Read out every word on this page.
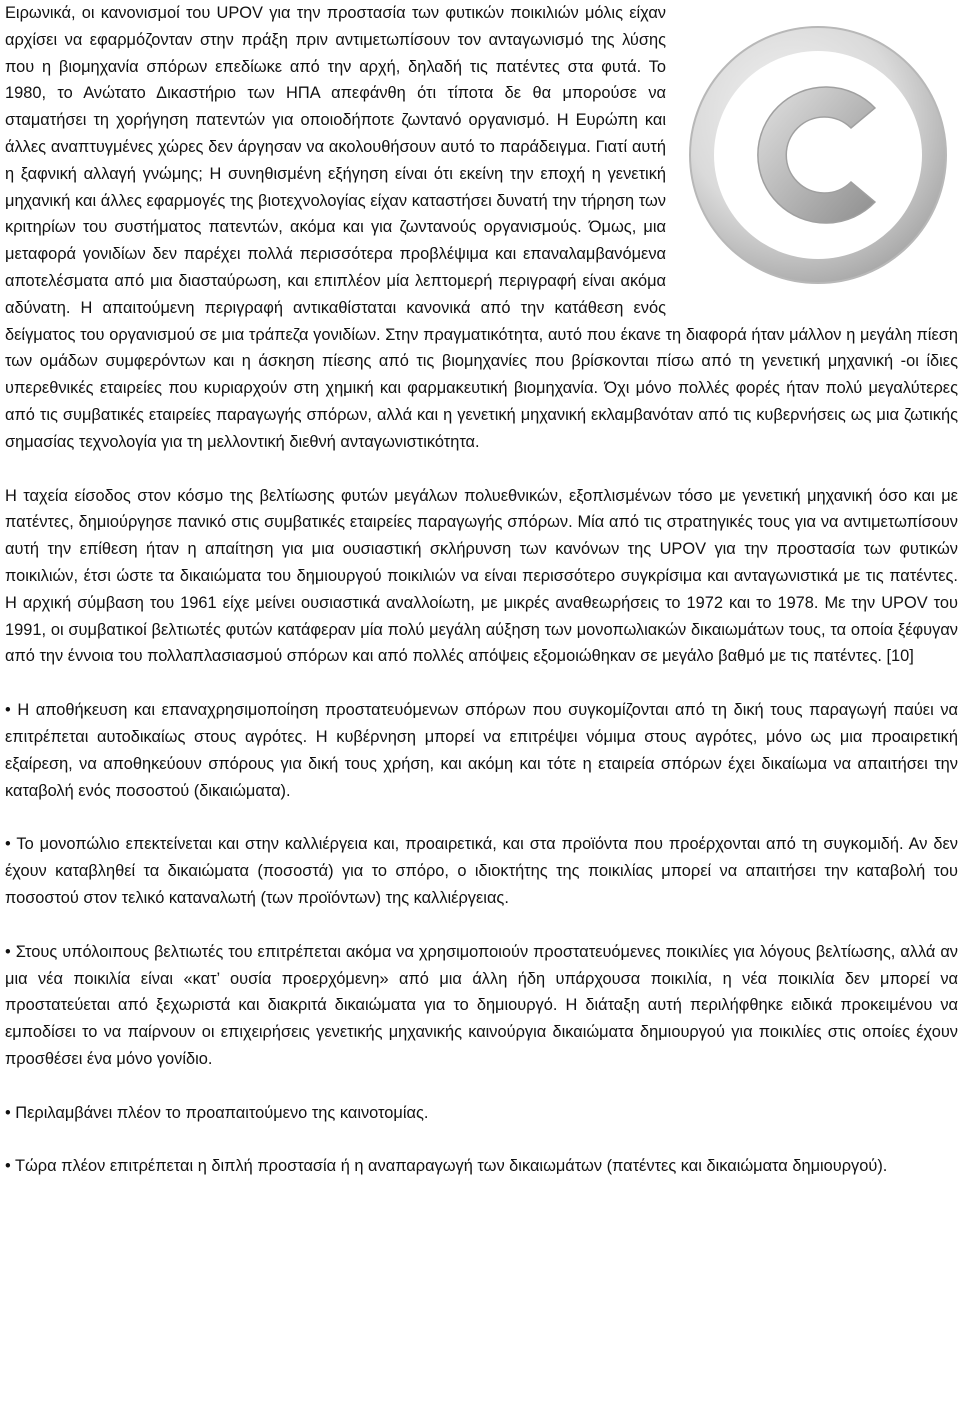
Ειρωνικά, οι κανονισμοί του UPOV για την προστασία των φυτικών ποικιλιών μόλις είχαν αρχίσει να εφαρμόζονταν στην πράξη πριν αντιμετωπίσουν τον ανταγωνισμό της λύσης που η βιομηχανία σπόρων επεδίωκε από την αρχή, δηλαδή τις πατέντες στα φυτά. Το 1980, το Ανώτατο Δικαστήριο των ΗΠΑ απεφάνθη ότι τίποτα δε θα μπορούσε να σταματήσει τη χορήγηση πατεντών για οποιοδήποτε ζωντανό οργανισμό. Η Ευρώπη και άλλες αναπτυγμένες χώρες δεν άργησαν να ακολουθήσουν αυτό το παράδειγμα. Γιατί αυτή η ξαφνική αλλαγή γνώμης; Η συνηθισμένη εξήγηση είναι ότι εκείνη την εποχή η γενετική μηχανική και άλλες εφαρμογές της βιοτεχνολογίας είχαν καταστήσει δυνατή την τήρηση των κριτηρίων του συστήματος πατεντών, ακόμα και για ζωντανούς οργανισμούς. Όμως, μια μεταφορά γονιδίων δεν παρέχει πολλά περισσότερα προβλέψιμα και επαναλαμβανόμενα αποτελέσματα από μια διασταύρωση, και επιπλέον μία λεπτομερή περιγραφή είναι ακόμα αδύνατη. Η απαιτούμενη περιγραφή αντικαθίσταται κανονικά από την κατάθεση ενός δείγματος του οργανισμού σε μια τράπεζα γονιδίων. Στην πραγματικότητα, αυτό που έκανε τη διαφορά ήταν μάλλον η μεγάλη πίεση των ομάδων συμφερόντων και η άσκηση πίεσης από τις βιομηχανίες που βρίσκονται πίσω από τη γενετική μηχανική -οι ίδιες υπερεθνικές εταιρείες που κυριαρχούν στη χημική και φαρμακευτική βιομηχανία. Όχι μόνο πολλές φορές ήταν πολύ μεγαλύτερες από τις συμβατικές εταιρείες παραγωγής σπόρων, αλλά και η γενετική μηχανική εκλαμβανόταν από τις κυβερνήσεις ως μια ζωτικής σημασίας τεχνολογία για τη μελλοντική διεθνή ανταγωνιστικότητα.

Η ταχεία είσοδος στον κόσμο της βελτίωσης φυτών μεγάλων πολυεθνικών, εξοπλισμένων τόσο με γενετική μηχανική όσο και με πατέντες, δημιούργησε πανικό στις συμβατικές εταιρείες παραγωγής σπόρων. Μία από τις στρατηγικές τους για να αντιμετωπίσουν αυτή την επίθεση ήταν η απαίτηση για μια ουσιαστική σκλήρυνση των κανόνων της UPOV για την προστασία των φυτικών ποικιλιών, έτσι ώστε τα δικαιώματα του δημιουργού ποικιλιών να είναι περισσότερο συγκρίσιμα και ανταγωνιστικά με τις πατέντες. Η αρχική σύμβαση του 1961 είχε μείνει ουσιαστικά αναλλοίωτη, με μικρές αναθεωρήσεις το 1972 και το 1978. Με την UPOV του 1991, οι συμβατικοί βελτιωτές φυτών κατάφεραν μία πολύ μεγάλη αύξηση των μονοπωλιακών δικαιωμάτων τους, τα οποία ξέφυγαν από την έννοια του πολλαπλασιασμού σπόρων και από πολλές απόψεις εξομοιώθηκαν σε μεγάλο βαθμό με τις πατέντες. [10]

• Η αποθήκευση και επαναχρησιμοποίηση προστατευόμενων σπόρων που συγκομίζονται από τη δική τους παραγωγή παύει να επιτρέπεται αυτοδικαίως στους αγρότες. Η κυβέρνηση μπορεί να επιτρέψει νόμιμα στους αγρότες, μόνο ως μια προαιρετική εξαίρεση, να αποθηκεύουν σπόρους για δική τους χρήση, και ακόμη και τότε η εταιρεία σπόρων έχει δικαίωμα να απαιτήσει την καταβολή ενός ποσοστού (δικαιώματα).

• Το μονοπώλιο επεκτείνεται και στην καλλιέργεια και, προαιρετικά, και στα προϊόντα που προέρχονται από τη συγκομιδή. Αν δεν έχουν καταβληθεί τα δικαιώματα (ποσοστά) για το σπόρο, ο ιδιοκτήτης της ποικιλίας μπορεί να απαιτήσει την καταβολή του ποσοστού στον τελικό καταναλωτή (των προϊόντων) της καλλιέργειας.

• Στους υπόλοιπους βελτιωτές του επιτρέπεται ακόμα να χρησιμοποιούν προστατευόμενες ποικιλίες για λόγους βελτίωσης, αλλά αν μια νέα ποικιλία είναι «κατ’ ουσία προερχόμενη» από μια άλλη ήδη υπάρχουσα ποικιλία, η νέα ποικιλία δεν μπορεί να προστατεύεται από ξεχωριστά και διακριτά δικαιώματα για το δημιουργό. Η διάταξη αυτή περιλήφθηκε ειδικά προκειμένου να εμποδίσει το να παίρνουν οι επιχειρήσεις γενετικής μηχανικής καινούργια δικαιώματα δημιουργού για ποικιλίες στις οποίες έχουν προσθέσει ένα μόνο γονίδιο.

• Περιλαμβάνει πλέον το προαπαιτούμενο της καινοτομίας.

• Τώρα πλέον επιτρέπεται η διπλή προστασία ή η αναπαραγωγή των δικαιωμάτων (πατέντες και δικαιώματα δημιουργού).
